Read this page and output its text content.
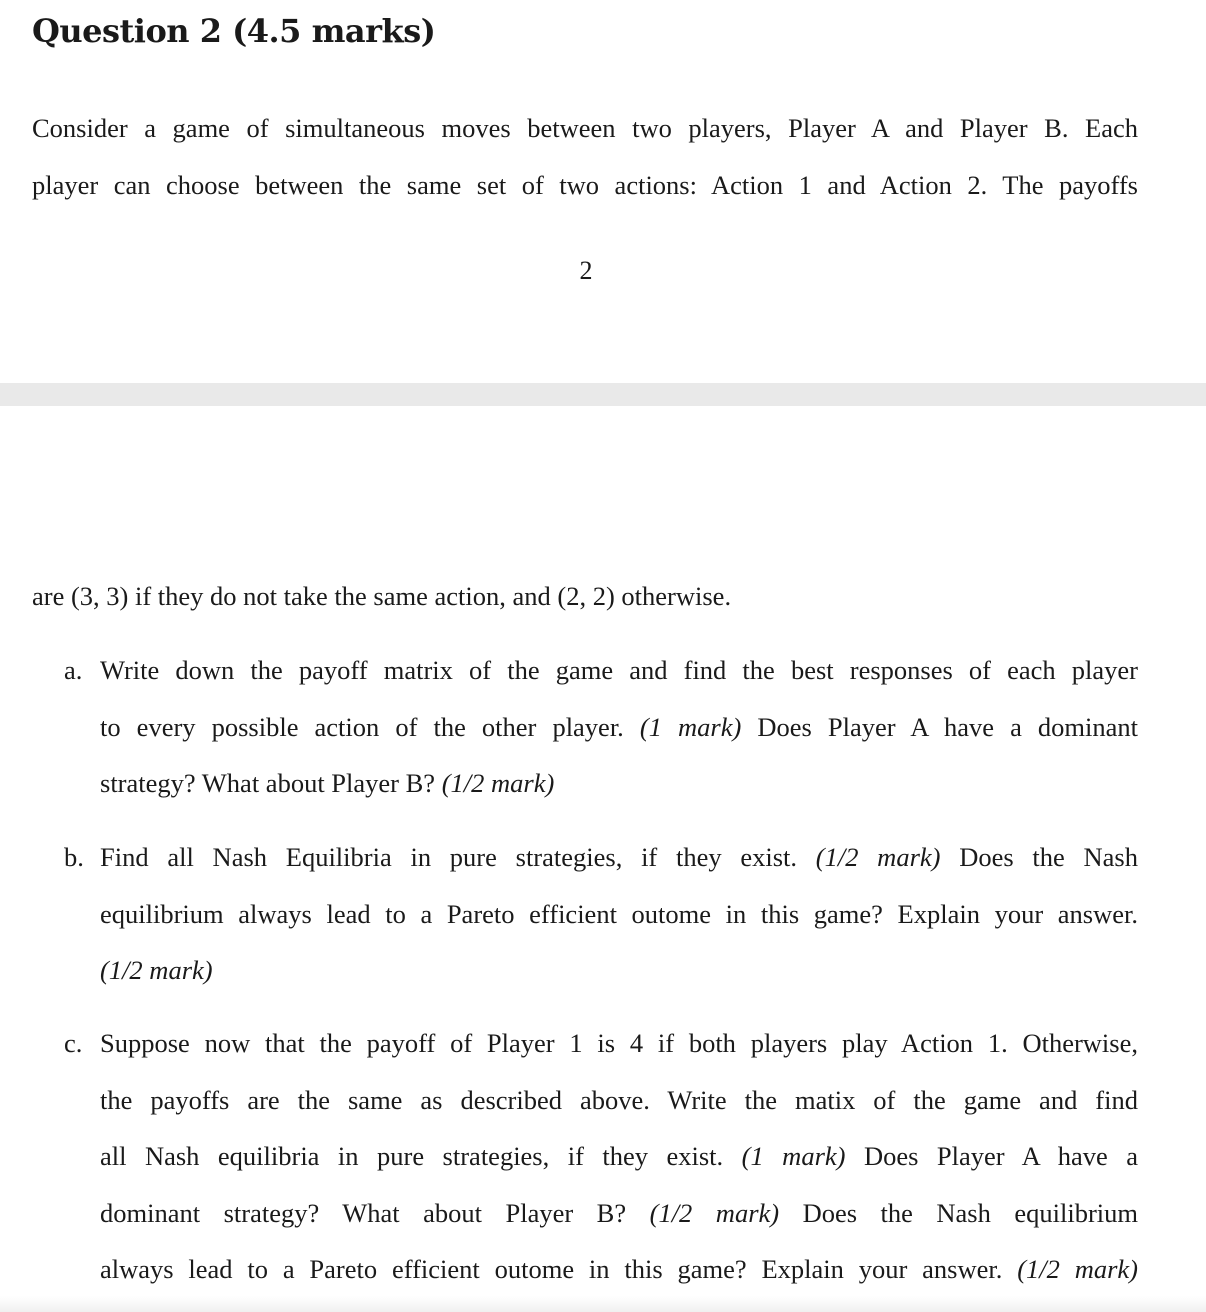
Question 2 (4.5 marks)
Consider a game of simultaneous moves between two players, Player A and Player B. Each
player can choose between the same set of two actions: Action 1 and Action 2. The payoffs
2
are (3, 3) if they do not take the same action, and (2, 2) otherwise.
a. Write down the payoff matrix of the game and find the best responses of each player
to every possible action of the other player. (1 mark) Does Player A have a dominant
strategy? What about Player B? (1/2 mark)
b. Find all Nash Equilibria in pure strategies, if they exist. (1/2 mark) Does the Nash
equilibrium always lead to a Pareto efficient outome in this game? Explain your answer.
(1/2 mark)
c. Suppose now that the payoff of Player 1 is 4 if both players play Action 1. Otherwise,
the payoffs are the same as described above. Write the matix of the game and find
all Nash equilibria in pure strategies, if they exist. (1 mark) Does Player A have a
dominant strategy? What about Player B? (1/2 mark) Does the Nash equilibrium
always lead to a Pareto efficient outome in this game? Explain your answer. (1/2 mark)
